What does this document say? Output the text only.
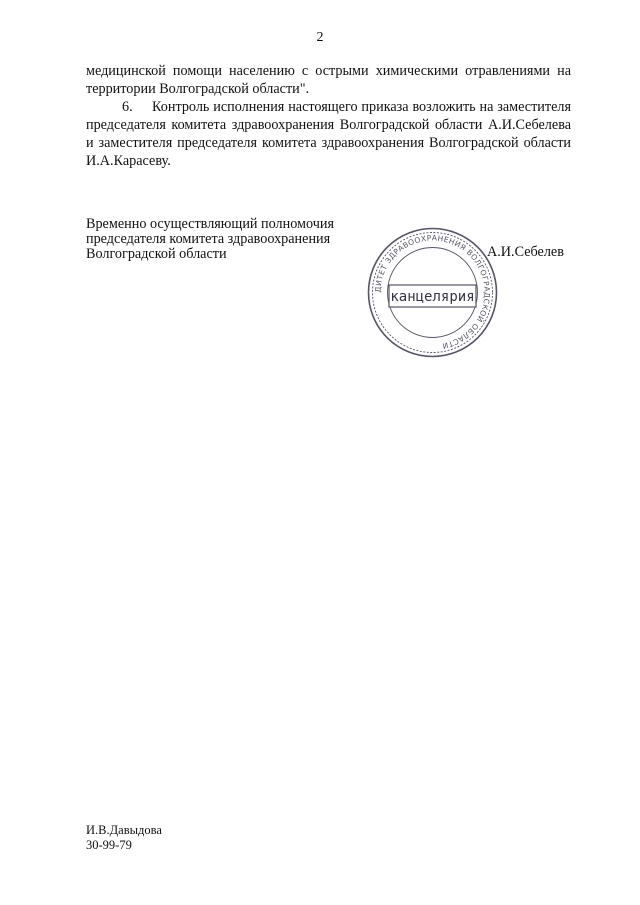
2

медицинской помощи населению с острыми химическими отравлениями на территории Волгоградской области".

6.     Контроль исполнения настоящего приказа возложить на заместителя председателя комитета здравоохранения Волгоградской области А.И.Себелева и заместителя председателя комитета здравоохранения Волгоградской области И.А.Карасеву.

Временно осуществляющий полномочия
председателя комитета здравоохранения
Волгоградской области
ДИТЕТ ЗДРАВООХРАНЕНИЯ ВОЛГОГРАДСКОЙ ОБЛАСТИ
канцелярия
А.И.Себелев
И.В.Давыдова
30-99-79
